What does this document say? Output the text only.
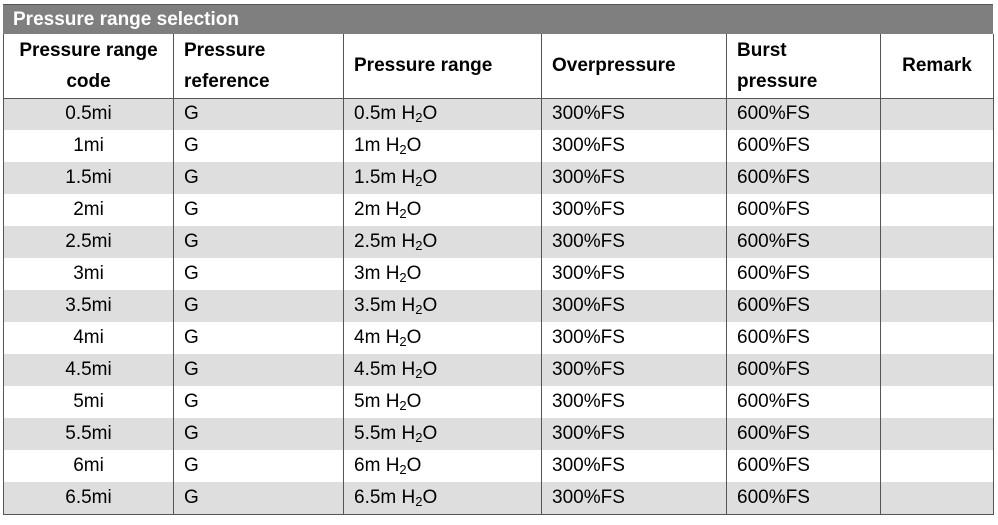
Pressure range selection
Pressure range code	Pressure reference	Pressure range	Overpressure	Burst pressure	Remark
0.5mi	G	0.5m $H_2O$	300%FS	600%FS	
1mi	G	1m $H_2O$	300%FS	600%FS	
1.5mi	G	1.5m $H_2O$	300%FS	600%FS	
2mi	G	2m $H_2O$	300%FS	600%FS	
2.5mi	G	2.5m $H_2O$	300%FS	600%FS	
3mi	G	3m $H_2O$	300%FS	600%FS	
3.5mi	G	3.5m $H_2O$	300%FS	600%FS	
4mi	G	4m $H_2O$	300%FS	600%FS	
4.5mi	G	4.5m $H_2O$	300%FS	600%FS	
5mi	G	5m $H_2O$	300%FS	600%FS	
5.5mi	G	5.5m $H_2O$	300%FS	600%FS	
6mi	G	6m $H_2O$	300%FS	600%FS	
6.5mi	G	6.5m $H_2O$	300%FS	600%FS	
